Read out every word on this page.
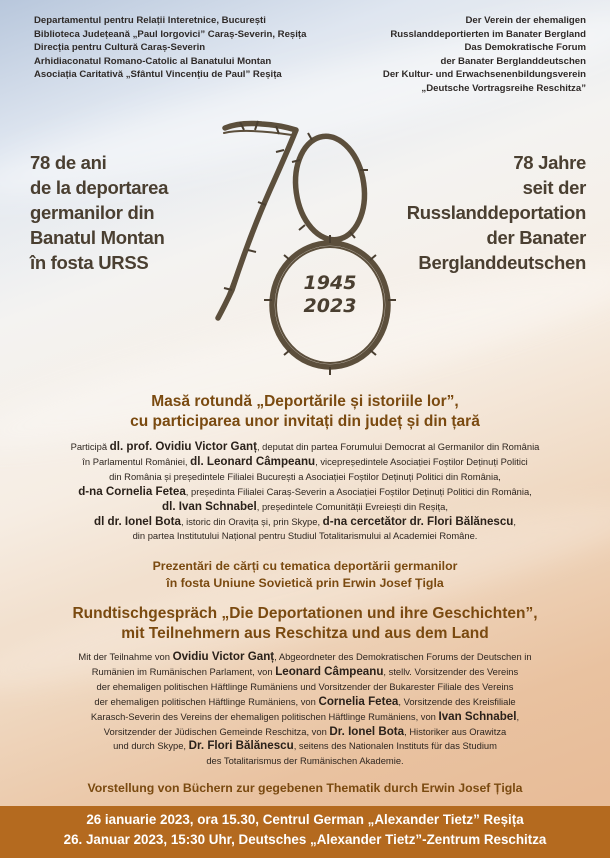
Departamentul pentru Relații Interetnice, București
Biblioteca Județeană „Paul Iorgovici” Caraș-Severin, Reșița
Direcția pentru Cultură Caraș-Severin
Arhidiaconatul Romano-Catolic al Banatului Montan
Asociația Caritativă „Sfântul Vincențiu de Paul” Reșița
Der Verein der ehemaligen
Russlanddeportierten im Banater Bergland
Das Demokratische Forum
der Banater Berglanddeutschen
Der Kultur- und Erwachsenenbildungsverein
„Deutsche Vortragsreihe Reschitza”
78 de ani
de la deportarea
germanilor din
Banatul Montan
în fosta URSS
78 Jahre
seit der
Russlanddeportation
der Banater
Berglanddeutschen
1945
2023
Masă rotundă „Deportările și istoriile lor”,
cu participarea unor invitați din județ și din țară
Participă dl. prof. Ovidiu Victor Ganț, deputat din partea Forumului Democrat al Germanilor din România
în Parlamentul României, dl. Leonard Câmpeanu, vicepreședintele Asociației Foștilor Deținuți Politici
din România și președintele Filialei București a Asociației Foștilor Deținuți Politici din România,
d-na Cornelia Fetea, președinta Filialei Caraș-Severin a Asociației Foștilor Deținuți Politici din România,
dl. Ivan Schnabel, președintele Comunității Evreiești din Reșița,
dl dr. Ionel Bota, istoric din Oravița și, prin Skype, d-na cercetător dr. Flori Bălănescu,
din partea Institutului Național pentru Studiul Totalitarismului al Academiei Române.
Prezentări de cărți cu tematica deportării germanilor
în fosta Uniune Sovietică prin Erwin Josef Țigla
Rundtischgespräch „Die Deportationen und ihre Geschichten”,
mit Teilnehmern aus Reschitza und aus dem Land
Mit der Teilnahme von Ovidiu Victor Ganț, Abgeordneter des Demokratischen Forums der Deutschen in
Rumänien im Rumänischen Parlament, von Leonard Câmpeanu, stellv. Vorsitzender des Vereins
der ehemaligen politischen Häftlinge Rumäniens und Vorsitzender der Bukarester Filiale des Vereins
der ehemaligen politischen Häftlinge Rumäniens, von Cornelia Fetea, Vorsitzende des Kreisfiliale
Karasch-Severin des Vereins der ehemaligen politischen Häftlinge Rumäniens, von Ivan Schnabel,
Vorsitzender der Jüdischen Gemeinde Reschitza, von Dr. Ionel Bota, Historiker aus Orawitza
und durch Skype, Dr. Flori Bălănescu, seitens des Nationalen Instituts für das Studium
des Totalitarismus der Rumänischen Akademie.
Vorstellung von Büchern zur gegebenen Thematik durch Erwin Josef Țigla
26 ianuarie 2023, ora 15.30, Centrul German „Alexander Tietz” Reșița
26. Januar 2023, 15:30 Uhr, Deutsches „Alexander Tietz”-Zentrum Reschitza
